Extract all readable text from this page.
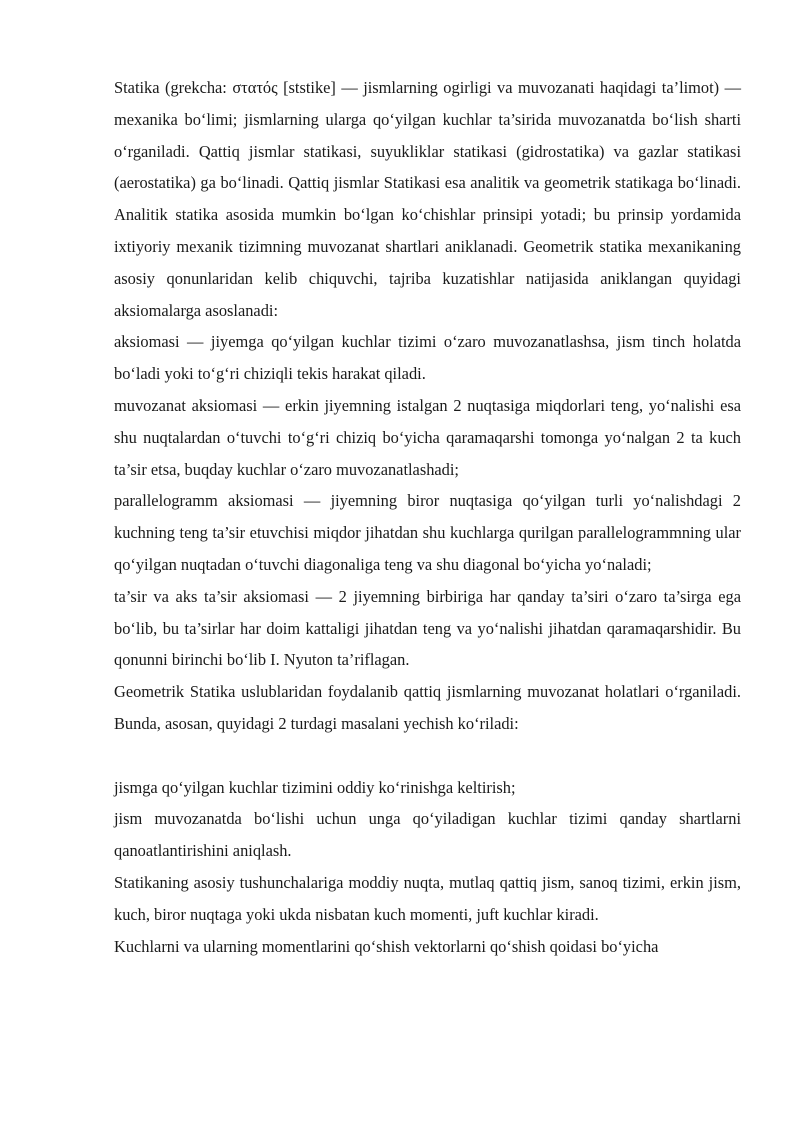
Statika (grekcha: στατός [ststike] — jismlarning ogirligi va muvozanati haqidagi ta’limot) — mexanika bo‘limi; jismlarning ularga qo‘yilgan kuchlar ta’sirida muvozanatda bo‘lish sharti o‘rganiladi. Qattiq jismlar statikasi, suyukliklar statikasi (gidrostatika) va gazlar statikasi (aerostatika) ga bo‘linadi. Qattiq jismlar Statikasi esa analitik va geometrik statikaga bo‘linadi. Analitik statika asosida mumkin bo‘lgan ko‘chishlar prinsipi yotadi; bu prinsip yordamida ixtiyoriy mexanik tizimning muvozanat shartlari aniklanadi. Geometrik statika mexanikaning asosiy qonunlaridan kelib chiquvchi, tajriba kuzatishlar natijasida aniklangan quyidagi aksiomalarga asoslanadi:

aksiomasi — jiyemga qo‘yilgan kuchlar tizimi o‘zaro muvozanatlashsa, jism tinch holatda bo‘ladi yoki to‘g‘ri chiziqli tekis harakat qiladi.

muvozanat aksiomasi — erkin jiyemning istalgan 2 nuqtasiga miqdorlari teng, yo‘nalishi esa shu nuqtalardan o‘tuvchi to‘g‘ri chiziq bo‘yicha qaramaqarshi tomonga yo‘nalgan 2 ta kuch ta’sir etsa, buqday kuchlar o‘zaro muvozanatlashadi;

parallelogramm aksiomasi — jiyemning biror nuqtasiga qo‘yilgan turli yo‘nalishdagi 2 kuchning teng ta’sir etuvchisi miqdor jihatdan shu kuchlarga qurilgan parallelogrammning ular qo‘yilgan nuqtadan o‘tuvchi diagonaliga teng va shu diagonal bo‘yicha yo‘naladi;

ta’sir va aks ta’sir aksiomasi — 2 jiyemning birbiriga har qanday ta’siri o‘zaro ta’sirga ega bo‘lib, bu ta’sirlar har doim kattaligi jihatdan teng va yo‘nalishi jihatdan qaramaqarshidir. Bu qonunni birinchi bo‘lib I. Nyuton ta’riflagan.

Geometrik Statika uslublaridan foydalanib qattiq jismlarning muvozanat holatlari o‘rganiladi. Bunda, asosan, quyidagi 2 turdagi masalani yechish ko‘riladi:

jismga qo‘yilgan kuchlar tizimini oddiy ko‘rinishga keltirish;

jism muvozanatda bo‘lishi uchun unga qo‘yiladigan kuchlar tizimi qanday shartlarni qanoatlantirishini aniqlash.

Statikaning asosiy tushunchalariga moddiy nuqta, mutlaq qattiq jism, sanoq tizimi, erkin jism, kuch, biror nuqtaga yoki ukda nisbatan kuch momenti, juft kuchlar kiradi.

Kuchlarni va ularning momentlarini qo‘shish vektorlarni qo‘shish qoidasi bo‘yicha
